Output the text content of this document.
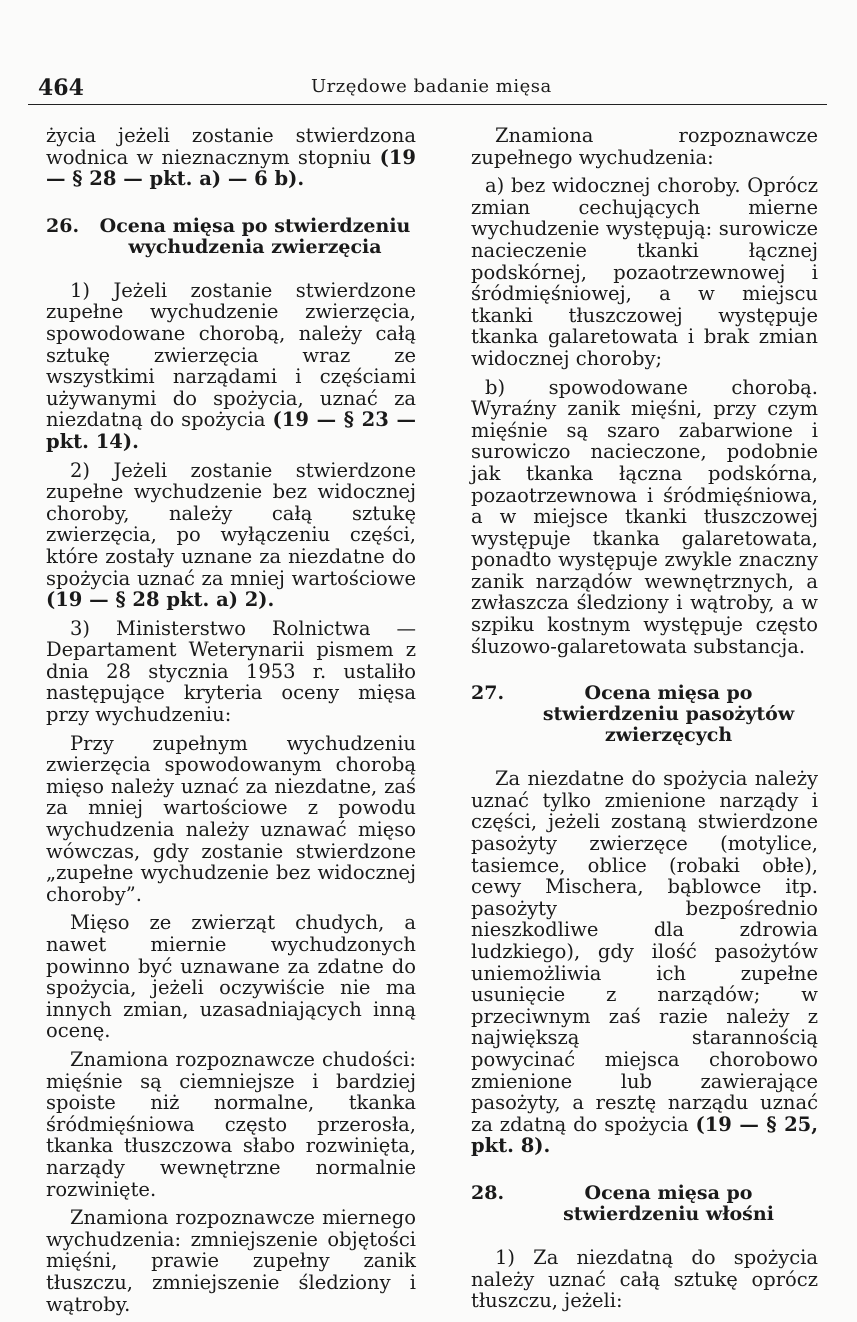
464	Urzędowe badanie mięsa

życia jeżeli zostanie stwierdzona wodnica w nieznacznym stopniu (19 — § 28 — pkt. a) — 6 b).

26.	Ocena mięsa po stwierdzeniu wychudzenia zwierzęcia

1) Jeżeli zostanie stwierdzone zupełne wychudzenie zwierzęcia, spowodowane chorobą, należy całą sztukę zwierzęcia wraz ze wszystkimi narządami i częściami używanymi do spożycia, uznać za niezdatną do spożycia (19 — § 23 — pkt. 14).

2) Jeżeli zostanie stwierdzone zupełne wychudzenie bez widocznej choroby, należy całą sztukę zwierzęcia, po wyłączeniu części, które zostały uznane za niezdatne do spożycia uznać za mniej wartościowe (19 — § 28 pkt. a) 2).

3) Ministerstwo Rolnictwa — Departament Weterynarii pismem z dnia 28 stycznia 1953 r. ustaliło następujące kryteria oceny mięsa przy wychudzeniu:

Przy zupełnym wychudzeniu zwierzęcia spowodowanym chorobą mięso należy uznać za niezdatne, zaś za mniej wartościowe z powodu wychudzenia należy uznawać mięso wówczas, gdy zostanie stwierdzone „zupełne wychudzenie bez widocznej choroby”.

Mięso ze zwierząt chudych, a nawet miernie wychudzonych powinno być uznawane za zdatne do spożycia, jeżeli oczywiście nie ma innych zmian, uzasadniających inną ocenę.

Znamiona rozpoznawcze chudości: mięśnie są ciemniejsze i bardziej spoiste niż normalne, tkanka śródmięśniowa często przerosła, tkanka tłuszczowa słabo rozwinięta, narządy wewnętrzne normalnie rozwinięte.

Znamiona rozpoznawcze miernego wychudzenia: zmniejszenie objętości mięśni, prawie zupełny zanik tłuszczu, zmniejszenie śledziony i wątroby.

Znamiona rozpoznawcze zupełnego wychudzenia:

a) bez widocznej choroby. Oprócz zmian cechujących mierne wychudzenie występują: surowicze nacieczenie tkanki łącznej podskórnej, pozaotrzewnowej i śródmięśniowej, a w miejscu tkanki tłuszczowej występuje tkanka galaretowata i brak zmian widocznej choroby;

b) spowodowane chorobą. Wyraźny zanik mięśni, przy czym mięśnie są szaro zabarwione i surowiczo nacieczone, podobnie jak tkanka łączna podskórna, pozaotrzewnowa i śródmięśniowa, a w miejsce tkanki tłuszczowej występuje tkanka galaretowata, ponadto występuje zwykle znaczny zanik narządów wewnętrznych, a zwłaszcza śledziony i wątroby, a w szpiku kostnym występuje często śluzowo-galaretowata substancja.

27.	Ocena mięsa po stwierdzeniu pasożytów zwierzęcych

Za niezdatne do spożycia należy uznać tylko zmienione narządy i części, jeżeli zostaną stwierdzone pasożyty zwierzęce (motylice, tasiemce, oblice (robaki obłe), cewy Mischera, bąblowce itp. pasożyty bezpośrednio nieszkodliwe dla zdrowia ludzkiego), gdy ilość pasożytów uniemożliwia ich zupełne usunięcie z narządów; w przeciwnym zaś razie należy z największą starannością powycinać miejsca chorobowo zmienione lub zawierające pasożyty, a resztę narządu uznać za zdatną do spożycia (19 — § 25, pkt. 8).

28.	Ocena mięsa po stwierdzeniu włośni

1) Za niezdatną do spożycia należy uznać całą sztukę oprócz tłuszczu, jeżeli:
